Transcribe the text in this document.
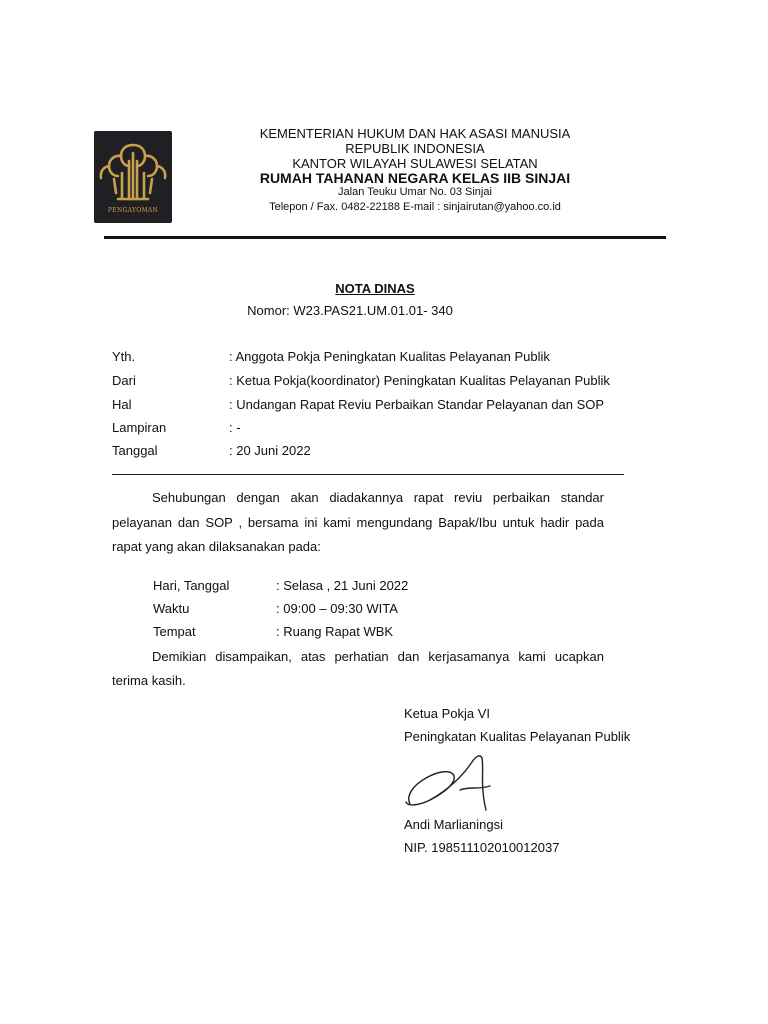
PENGAYOMAN
KEMENTERIAN HUKUM DAN HAK ASASI MANUSIA
REPUBLIK INDONESIA
KANTOR WILAYAH SULAWESI SELATAN
RUMAH TAHANAN NEGARA KELAS IIB SINJAI
Jalan Teuku Umar No. 03 Sinjai
Telepon / Fax. 0482-22188 E-mail : sinjairutan@yahoo.co.id
NOTA DINAS
Nomor: W23.PAS21.UM.01.01- 340
Yth.	: Anggota Pokja Peningkatan Kualitas Pelayanan Publik
Dari	: Ketua Pokja(koordinator) Peningkatan Kualitas Pelayanan Publik
Hal	: Undangan Rapat Reviu Perbaikan Standar Pelayanan dan SOP
Lampiran	: -
Tanggal	: 20 Juni 2022
Sehubungan dengan akan diadakannya rapat reviu perbaikan standar pelayanan dan SOP , bersama ini kami mengundang Bapak/Ibu untuk hadir pada rapat yang akan dilaksanakan pada:
Hari, Tanggal	: Selasa , 21 Juni 2022
Waktu	: 09:00 – 09:30 WITA
Tempat	: Ruang Rapat WBK
Demikian disampaikan, atas perhatian dan kerjasamanya kami ucapkan terima kasih.
Ketua Pokja VI
Peningkatan Kualitas Pelayanan Publik
Andi Marlianingsi
NIP. 198511102010012037
